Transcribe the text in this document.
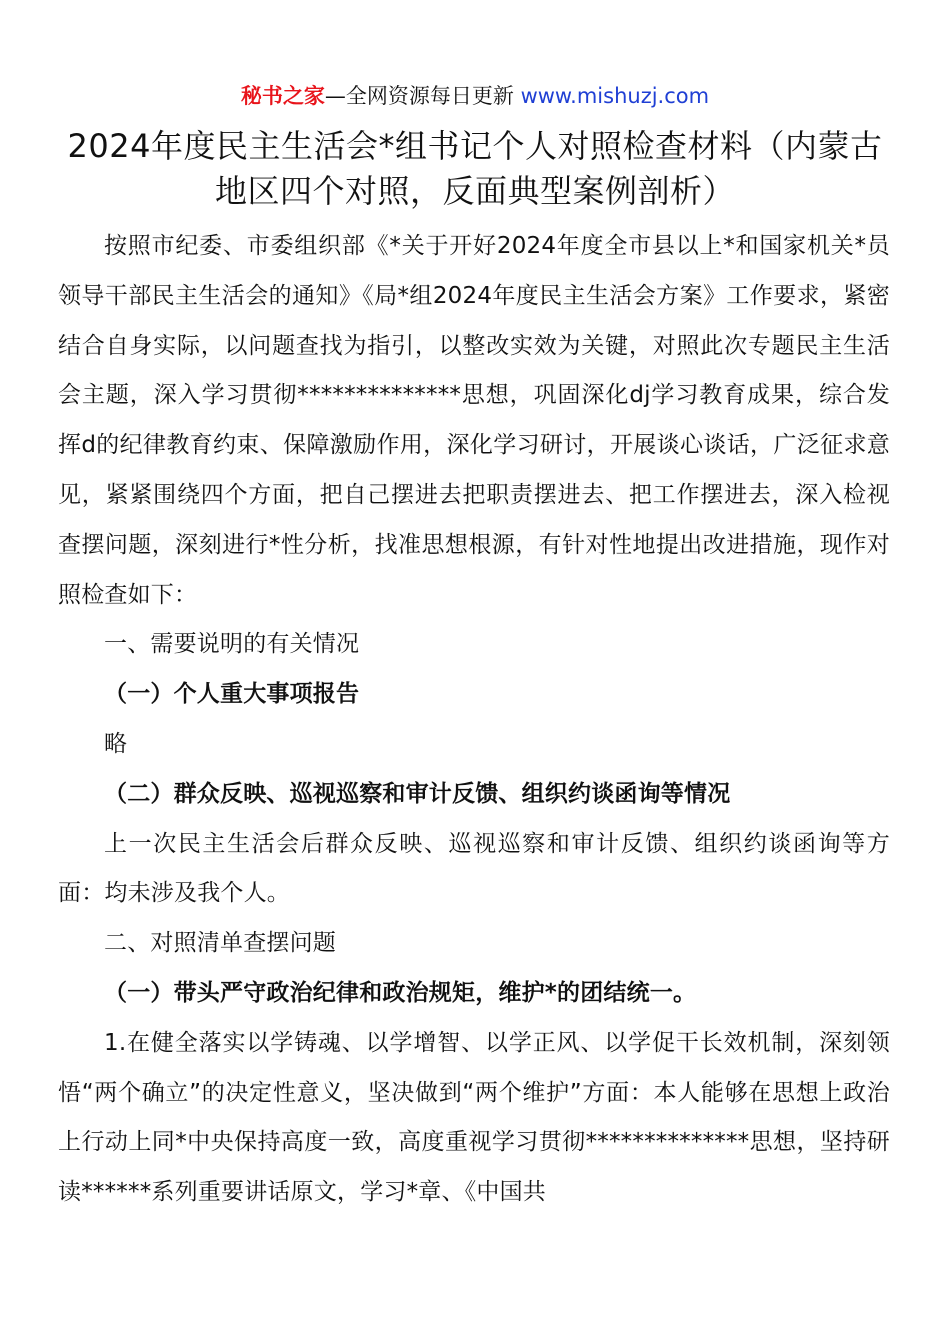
秘书之家—全网资源每日更新 www.mishuzj.com
2024年度民主生活会*组书记个人对照检查材料（内蒙古地区四个对照，反面典型案例剖析）

按照市纪委、市委组织部《*关于开好2024年度全市县以上*和国家机关*员领导干部民主生活会的通知》《局*组2024年度民主生活会方案》工作要求，紧密结合自身实际，以问题查找为指引，以整改实效为关键，对照此次专题民主生活会主题，深入学习贯彻**************思想，巩固深化dj学习教育成果，综合发挥d的纪律教育约束、保障激励作用，深化学习研讨，开展谈心谈话，广泛征求意见，紧紧围绕四个方面，把自己摆进去把职责摆进去、把工作摆进去，深入检视查摆问题，深刻进行*性分析，找准思想根源，有针对性地提出改进措施，现作对照检查如下：

一、需要说明的有关情况

（一）个人重大事项报告

略

（二）群众反映、巡视巡察和审计反馈、组织约谈函询等情况

上一次民主生活会后群众反映、巡视巡察和审计反馈、组织约谈函询等方面：均未涉及我个人。

二、对照清单查摆问题

（一）带头严守政治纪律和政治规矩，维护*的团结统一。

1.在健全落实以学铸魂、以学增智、以学正风、以学促干长效机制，深刻领悟“两个确立”的决定性意义，坚决做到“两个维护”方面：本人能够在思想上政治上行动上同*中央保持高度一致，高度重视学习贯彻**************思想，坚持研读******系列重要讲话原文，学习*章、《中国共
